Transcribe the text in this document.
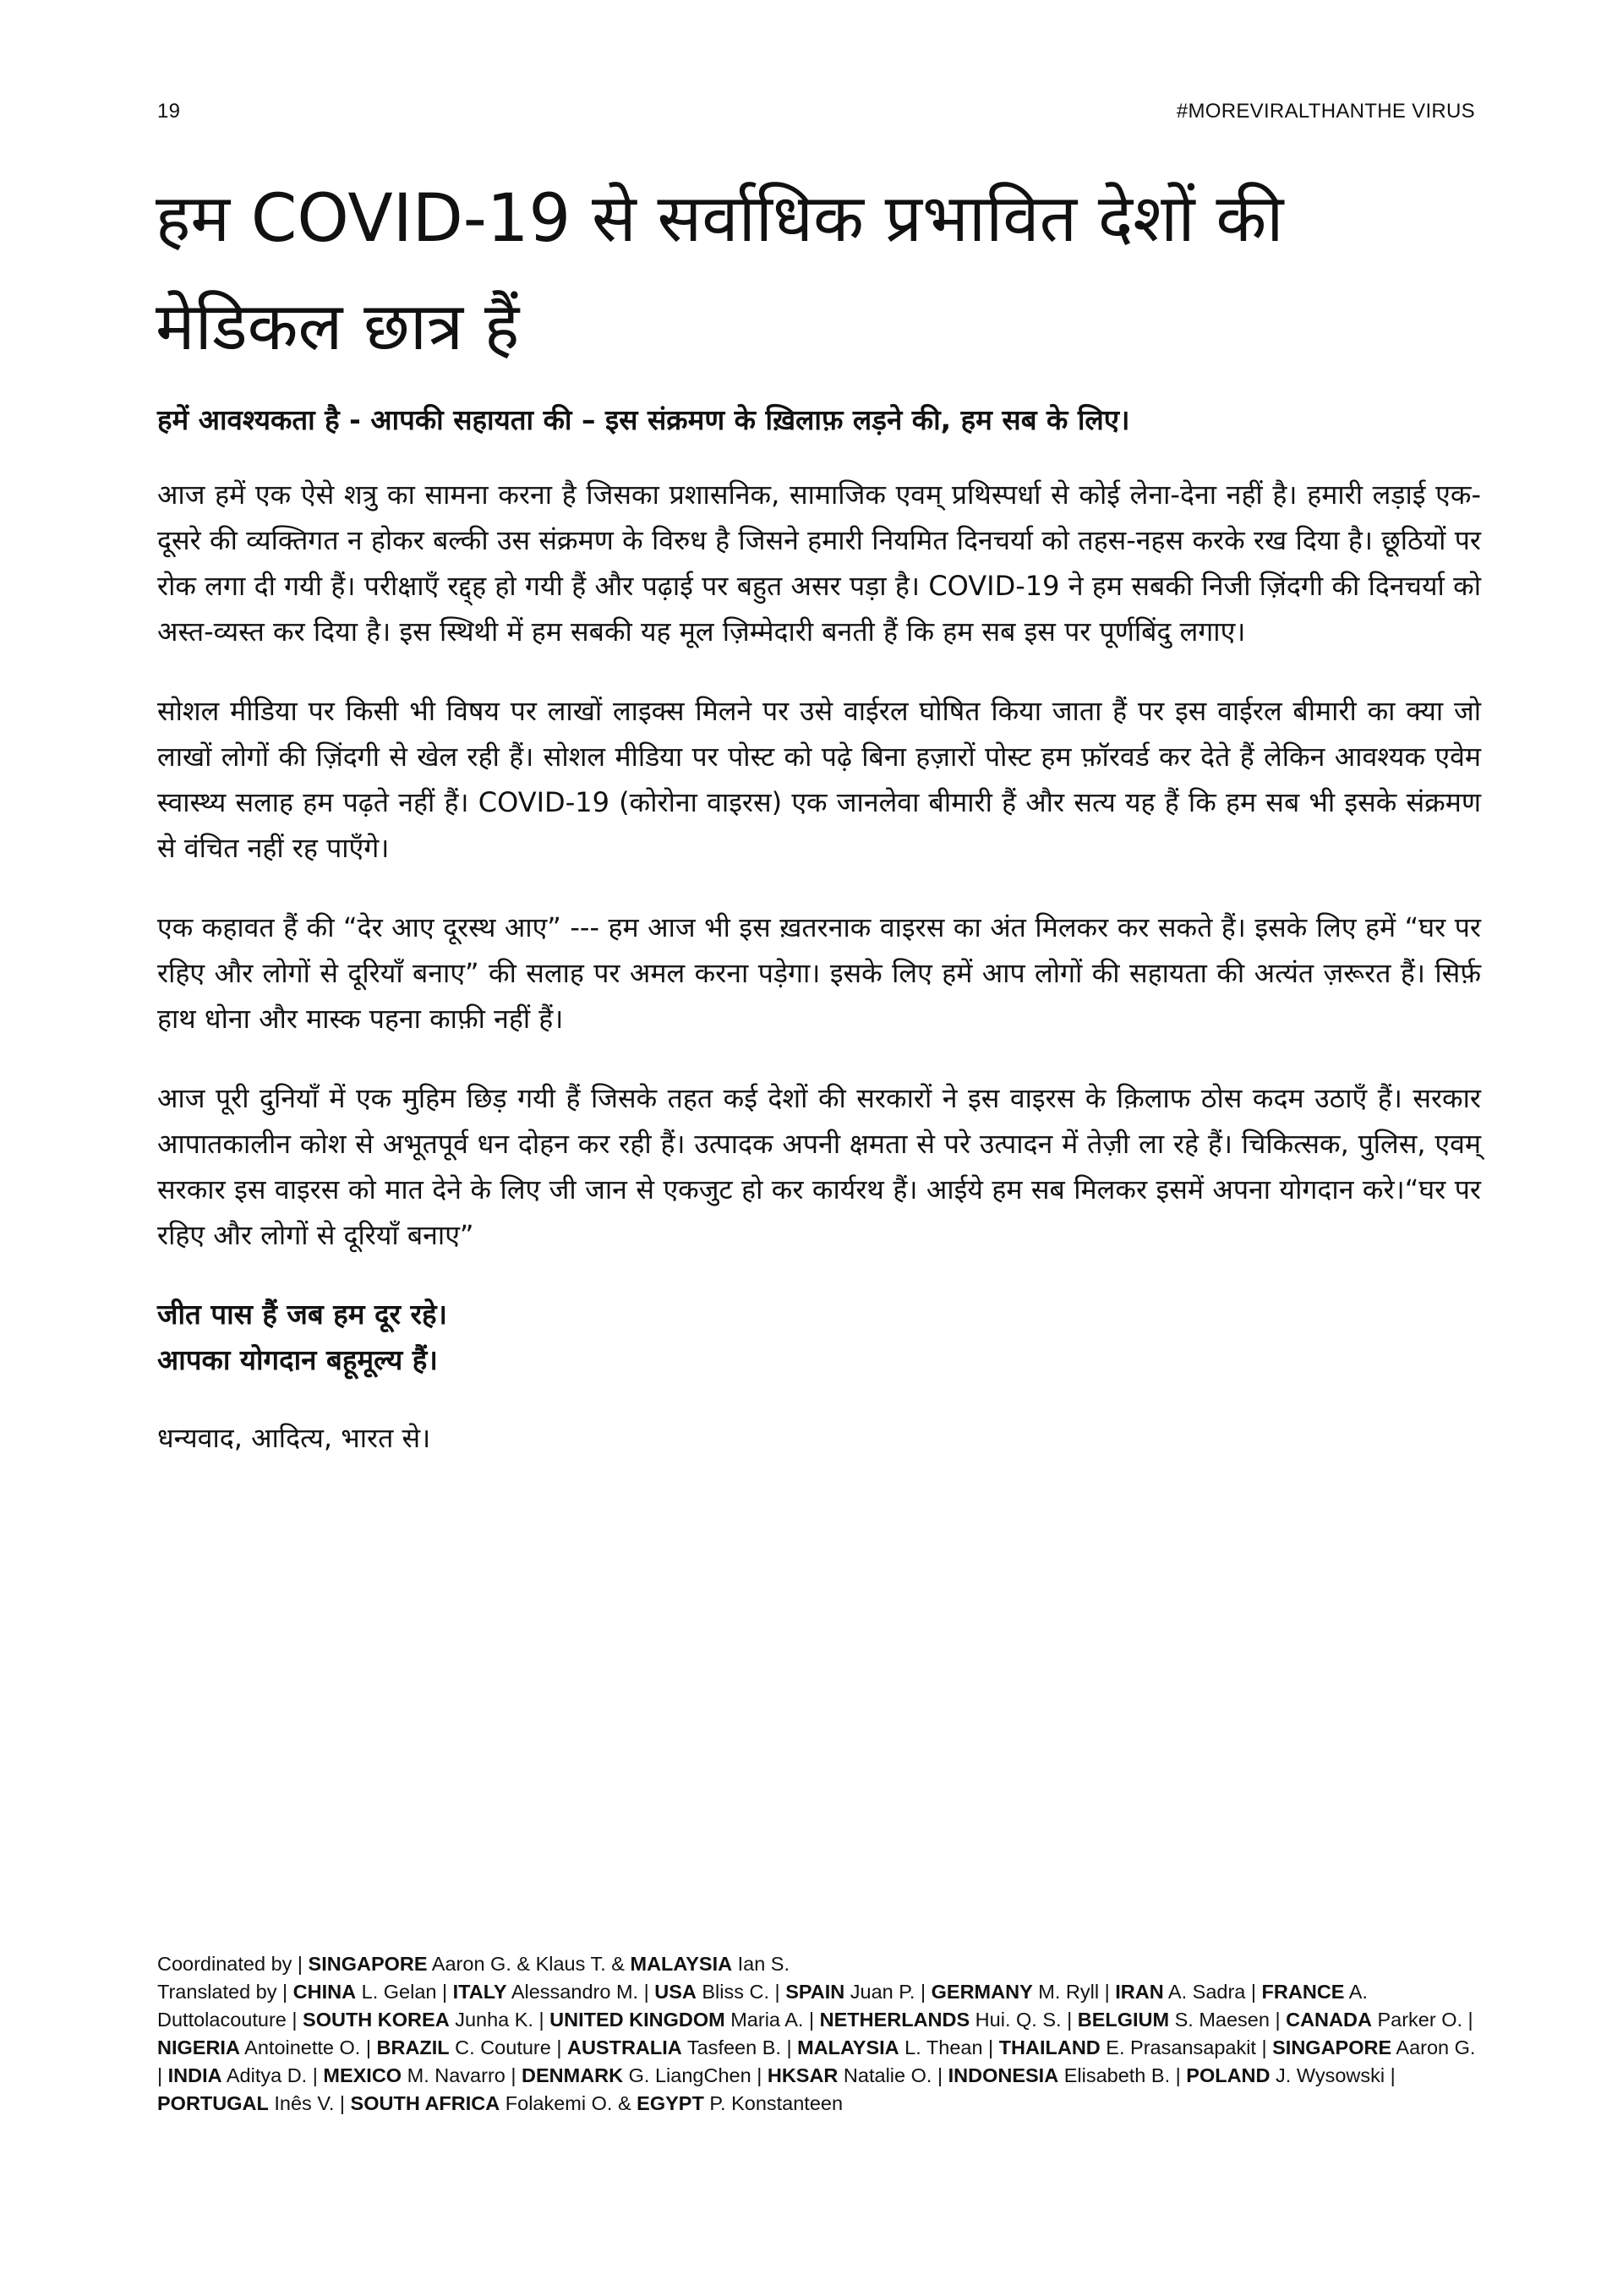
19	#MOREVIRALTHANTHE VIRUS
हम COVID-19 से सर्वाधिक प्रभावित देशों की मेडिकल छात्र हैं

हमें आवश्यकता है - आपकी सहायता की – इस संक्रमण के ख़िलाफ़ लड़ने की, हम सब के लिए।

आज हमें एक ऐसे शत्रु का सामना करना है जिसका प्रशासनिक, सामाजिक एवम् प्रथिस्पर्धा से कोई लेना-देना नहीं है। हमारी लड़ाई एक-दूसरे की व्यक्तिगत न होकर बल्की उस संक्रमण के विरुध है जिसने हमारी नियमित दिनचर्या को तहस-नहस करके रख दिया है। छूठियों पर रोक लगा दी गयी हैं। परीक्षाएँ रद्द्ह हो गयी हैं और पढ़ाई पर बहुत असर पड़ा है। COVID-19 ने हम सबकी निजी ज़िंदगी की दिनचर्या को अस्त-व्यस्त कर दिया है। इस स्थिथी में हम सबकी यह मूल ज़िम्मेदारी बनती हैं कि हम सब इस पर पूर्णबिंदु लगाए।

सोशल मीडिया पर किसी भी विषय पर लाखों लाइक्स मिलने पर उसे वाईरल घोषित किया जाता हैं पर इस वाईरल बीमारी का क्या जो लाखों लोगों की ज़िंदगी से खेल रही हैं। सोशल मीडिया पर पोस्ट को पढ़े बिना हज़ारों पोस्ट हम फ़ॉरवर्ड कर देते हैं लेकिन आवश्यक एवेम स्वास्थ्य सलाह हम पढ़ते नहीं हैं। COVID-19 (कोरोना वाइरस) एक जानलेवा बीमारी हैं और सत्य यह हैं कि हम सब भी इसके संक्रमण से वंचित नहीं रह पाएँगे।

एक कहावत हैं की “देर आए दूरस्थ आए” --- हम आज भी इस ख़तरनाक वाइरस का अंत मिलकर कर सकते हैं। इसके लिए हमें “घर पर रहिए और लोगों से दूरियाँ बनाए” की सलाह पर अमल करना पड़ेगा। इसके लिए हमें आप लोगों की सहायता की अत्यंत ज़रूरत हैं। सिर्फ़ हाथ धोना और मास्क पहना काफ़ी नहीं हैं।

आज पूरी दुनियाँ में एक मुहिम छिड़ गयी हैं जिसके तहत कई देशों की सरकारों ने इस वाइरस के क़िलाफ ठोस कदम उठाएँ हैं। सरकार आपातकालीन कोश से अभूतपूर्व धन दोहन कर रही हैं। उत्पादक अपनी क्षमता से परे उत्पादन में तेज़ी ला रहे हैं। चिकित्सक, पुलिस, एवम् सरकार इस वाइरस को मात देने के लिए जी जान से एकजुट हो कर कार्यरथ हैं। आईये हम सब मिलकर इसमें अपना योगदान करे।“घर पर रहिए और लोगों से दूरियाँ बनाए”

जीत पास हैं जब हम दूर रहे।
आपका योगदान बहूमूल्य हैं।

धन्यवाद, आदित्य, भारत से।

Coordinated by | SINGAPORE Aaron G. & Klaus T. & MALAYSIA Ian S.
Translated by | CHINA L. Gelan | ITALY Alessandro M. | USA Bliss C. | SPAIN Juan P. | GERMANY M. Ryll | IRAN A. Sadra | FRANCE A. Duttolacouture | SOUTH KOREA Junha K. | UNITED KINGDOM Maria A. | NETHERLANDS Hui. Q. S. | BELGIUM S. Maesen | CANADA Parker O. | NIGERIA Antoinette O. | BRAZIL C. Couture | AUSTRALIA Tasfeen B. | MALAYSIA L. Thean | THAILAND E. Prasansapakit | SINGAPORE Aaron G. | INDIA Aditya D. | MEXICO M. Navarro | DENMARK G. LiangChen | HKSAR Natalie O. | INDONESIA Elisabeth B. | POLAND J. Wysowski | PORTUGAL Inês V. | SOUTH AFRICA Folakemi O. & EGYPT P. Konstanteen
